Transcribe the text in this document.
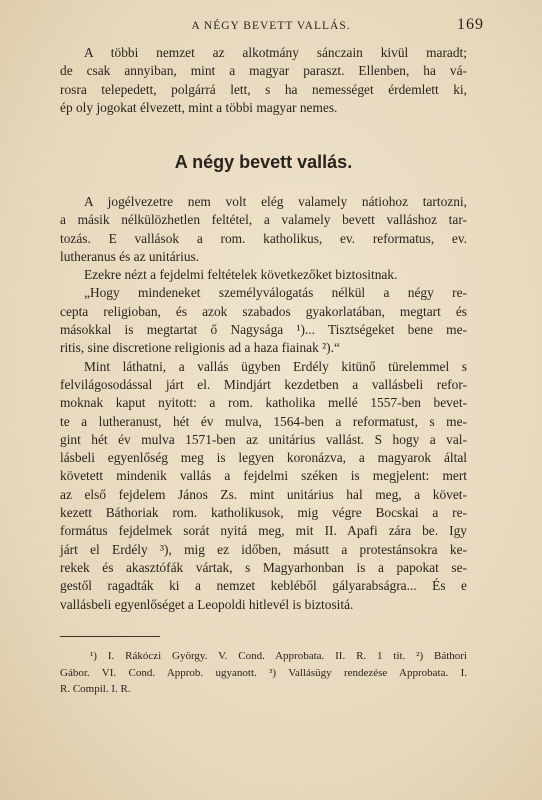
A NÉGY BEVETT VALLÁS.	169

A többi nemzet az alkotmány sánczain kivül maradt;

de csak annyiban, mint a magyar paraszt. Ellenben, ha vá-

rosra telepedett, polgárrá lett, s ha nemességet érdemlett ki,

ép oly jogokat élvezett, mint a többi magyar nemes.

A négy bevett vallás.

A jogélvezetre nem volt elég valamely nátiohoz tartozni,

a másik nélkülözhetlen feltétel, a valamely bevett valláshoz tar-

tozás. E vallások a rom. katholikus, ev. reformatus, ev.

lutheranus és az unitárius.

Ezekre nézt a fejdelmi feltételek következőket biztositnak.

„Hogy mindeneket személyválogatás nélkül a négy re-

cepta religioban, és azok szabados gyakorlatában, megtart és

másokkal is megtartat ő Nagysága ¹)... Tisztségeket bene me-

ritis, sine discretione religionis ad a haza fiainak ²).“

Mint láthatni, a vallás ügyben Erdély kitünő türelemmel s

felvilágosodással járt el. Mindjárt kezdetben a vallásbeli refor-

moknak kaput nyitott: a rom. katholika mellé 1557-ben bevet-

te a lutheranust, hét év mulva, 1564-ben a reformatust, s me-

gint hét év mulva 1571-ben az unitárius vallást. S hogy a val-

lásbeli egyenlőség meg is legyen koronázva, a magyarok által

követett mindenik vallás a fejdelmi széken is megjelent: mert

az első fejdelem János Zs. mint unitárius hal meg, a követ-

kezett Báthoriak rom. katholikusok, mig végre Bocskai a re-

formátus fejdelmek sorát nyitá meg, mit II. Apafi zára be. Igy

járt el Erdély ³), mig ez időben, másutt a protestánsokra ke-

rekek és akasztófák vártak, s Magyarhonban is a papokat se-

gestől ragadták ki a nemzet kebléből gályarabságra... És e

vallásbeli egyenlőséget a Leopoldi hitlevél is biztositá.

¹) I. Rákóczi György. V. Cond. Approbata. II. R. 1 tit. ²) Báthori

Gábor. VI. Cond. Approb. ugyanott. ³) Vallásügy rendezése Approbata. I.

R. Compil. I. R.
